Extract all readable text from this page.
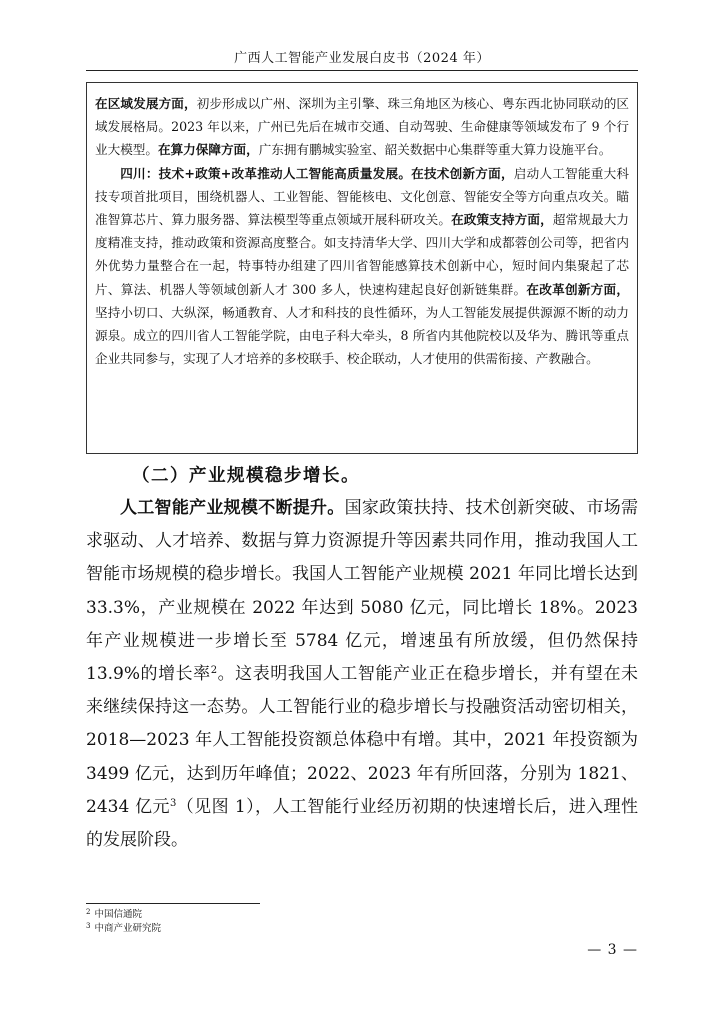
广西人工智能产业发展白皮书（2024 年）

在区域发展方面，初步形成以广州、深圳为主引擎、珠三角地区为核心、粤东西北协同联动的区域发展格局。2023 年以来，广州已先后在城市交通、自动驾驶、生命健康等领域发布了 9 个行业大模型。在算力保障方面，广东拥有鹏城实验室、韶关数据中心集群等重大算力设施平台。

四川：技术+政策+改革推动人工智能高质量发展。在技术创新方面，启动人工智能重大科技专项首批项目，围绕机器人、工业智能、智能核电、文化创意、智能安全等方向重点攻关。瞄准智算芯片、算力服务器、算法模型等重点领域开展科研攻关。在政策支持方面，超常规最大力度精准支持，推动政策和资源高度整合。如支持清华大学、四川大学和成都蓉创公司等，把省内外优势力量整合在一起，特事特办组建了四川省智能感算技术创新中心，短时间内集聚起了芯片、算法、机器人等领域创新人才 300 多人，快速构建起良好创新链集群。在改革创新方面，坚持小切口、大纵深，畅通教育、人才和科技的良性循环，为人工智能发展提供源源不断的动力源泉。成立的四川省人工智能学院，由电子科大牵头，8 所省内其他院校以及华为、腾讯等重点企业共同参与，实现了人才培养的多校联手、校企联动，人才使用的供需衔接、产教融合。

（二）产业规模稳步增长。

人工智能产业规模不断提升。国家政策扶持、技术创新突破、市场需求驱动、人才培养、数据与算力资源提升等因素共同作用，推动我国人工智能市场规模的稳步增长。我国人工智能产业规模 2021 年同比增长达到 33.3%，产业规模在 2022 年达到 5080 亿元，同比增长 18%。2023 年产业规模进一步增长至 5784 亿元，增速虽有所放缓，但仍然保持 13.9%的增长率$^2$。这表明我国人工智能产业正在稳步增长，并有望在未来继续保持这一态势。人工智能行业的稳步增长与投融资活动密切相关，2018—2023 年人工智能投资额总体稳中有增。其中，2021 年投资额为 3499 亿元，达到历年峰值；2022、2023 年有所回落，分别为 1821、2434 亿元$^3$（见图 1），人工智能行业经历初期的快速增长后，进入理性的发展阶段。

$^2$ 中国信通院
$^3$ 中商产业研究院
— 3 —
